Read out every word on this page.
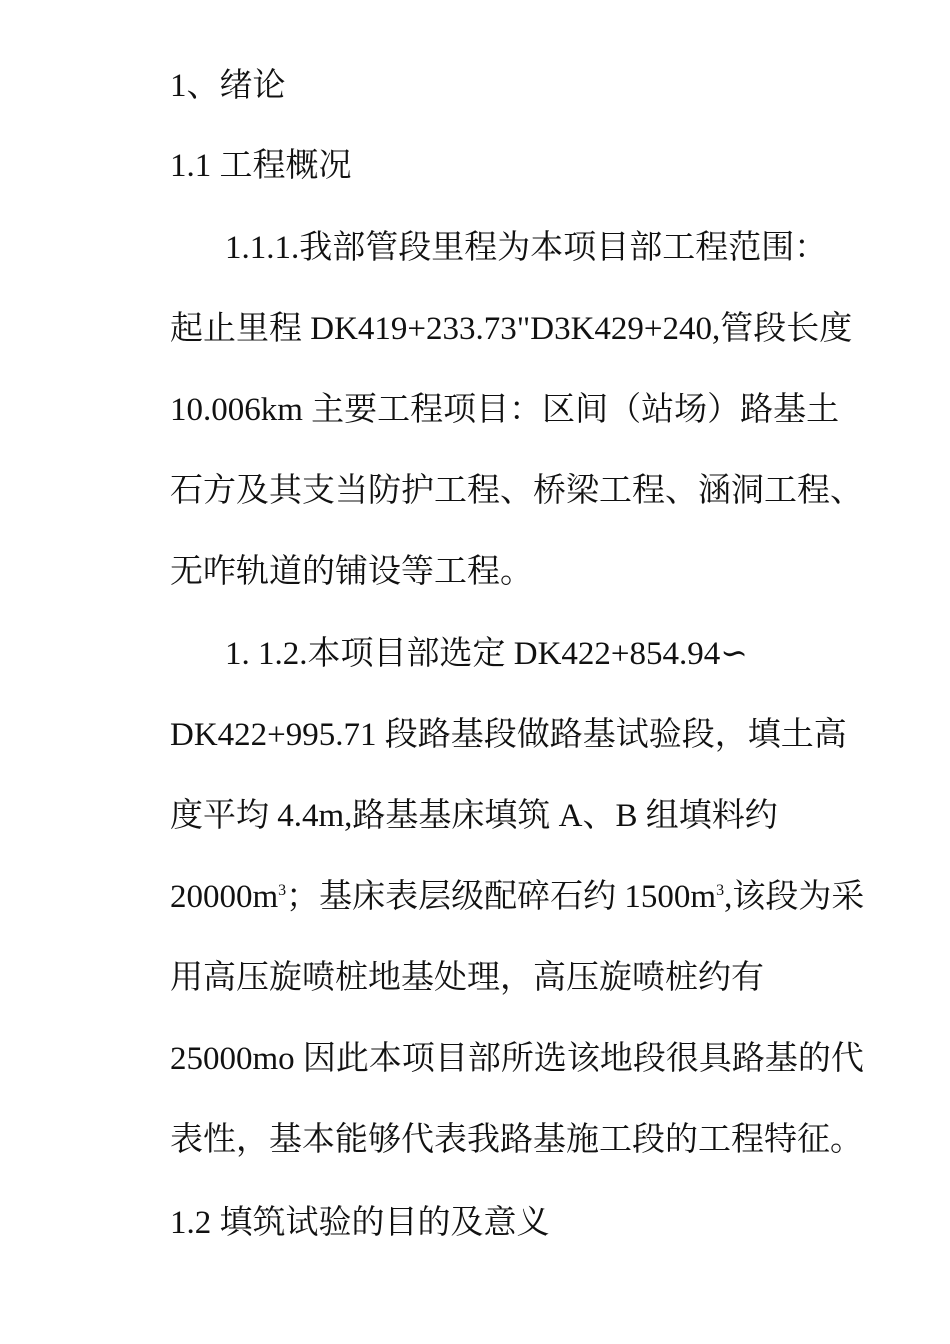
1、绪论
1.1 工程概况
1.1.1.我部管段里程为本项目部工程范围：
起止里程 DK419+233.73"D3K429+240,管段长度
10.006km 主要工程项目：区间（站场）路基土
石方及其支当防护工程、桥梁工程、涵洞工程、
无咋轨道的铺设等工程。
1. 1.2.本项目部选定 DK422+854.94∽
DK422+995.71 段路基段做路基试验段，填土高
度平均 4.4m,路基基床填筑 A、B 组填料约
$20000m^3$；基床表层级配碎石约 $1500m^3$,该段为采
用高压旋喷桩地基处理，高压旋喷桩约有
25000mo 因此本项目部所选该地段很具路基的代
表性，基本能够代表我路基施工段的工程特征。
1.2 填筑试验的目的及意义
